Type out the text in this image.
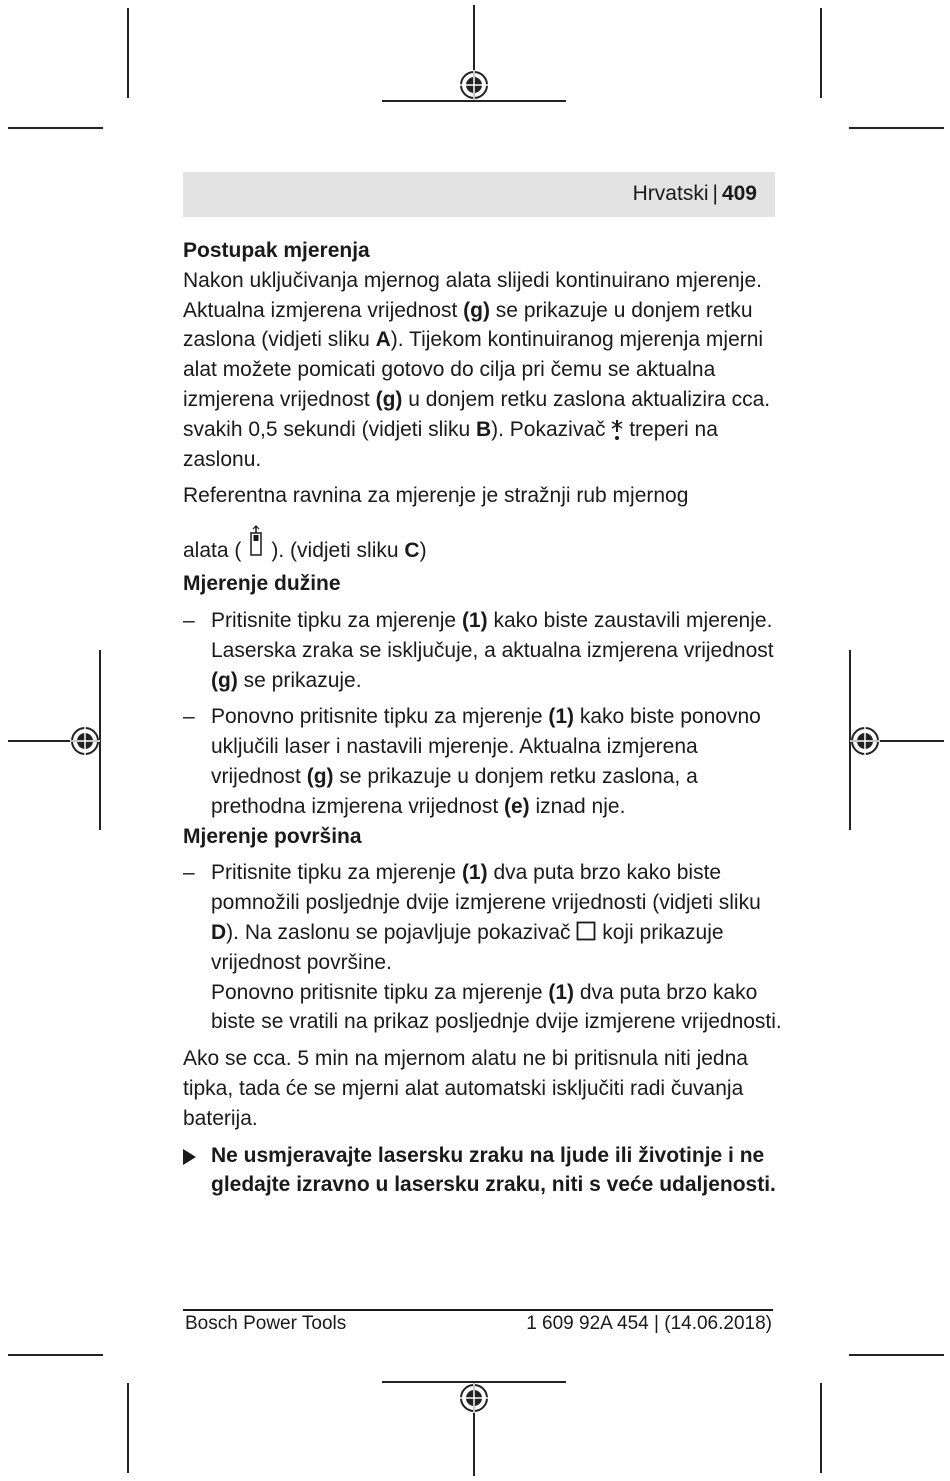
Hrvatski | 409
Postupak mjerenja

Nakon uključivanja mjernog alata slijedi kontinuirano mjerenje. Aktualna izmjerena vrijednost (g) se prikazuje u donjem retku zaslona (vidjeti sliku A). Tijekom kontinuiranog mjerenja mjerni alat možete pomicati gotovo do cilja pri čemu se aktualna izmjerena vrijednost (g) u donjem retku zaslona aktualizira cca. svakih 0,5 sekundi (vidjeti sliku B). Pokazivač  treperi na zaslonu.

Referentna ravnina za mjerenje je stražnji rub mjernog

alata ( ). (vidjeti sliku C)

Mjerenje dužine
– Pritisnite tipku za mjerenje (1) kako biste zaustavili mjerenje. Laserska zraka se isključuje, a aktualna izmjerena vrijednost (g) se prikazuje.
– Ponovno pritisnite tipku za mjerenje (1) kako biste ponovno uključili laser i nastavili mjerenje. Aktualna izmjerena vrijednost (g) se prikazuje u donjem retku zaslona, a prethodna izmjerena vrijednost (e) iznad nje.
Mjerenje površina
– Pritisnite tipku za mjerenje (1) dva puta brzo kako biste pomnožili posljednje dvije izmjerene vrijednosti (vidjeti sliku D). Na zaslonu se pojavljuje pokazivač  koji prikazuje vrijednost površine.
Ponovno pritisnite tipku za mjerenje (1) dva puta brzo kako biste se vratili na prikaz posljednje dvije izmjerene vrijednosti.

Ako se cca. 5 min na mjernom alatu ne bi pritisnula niti jedna tipka, tada će se mjerni alat automatski isključiti radi čuvanja baterija.

Ne usmjeravajte lasersku zraku na ljude ili životinje i ne gledajte izravno u lasersku zraku, niti s veće udaljenosti.
Bosch Power Tools	1 609 92A 454 | (14.06.2018)
